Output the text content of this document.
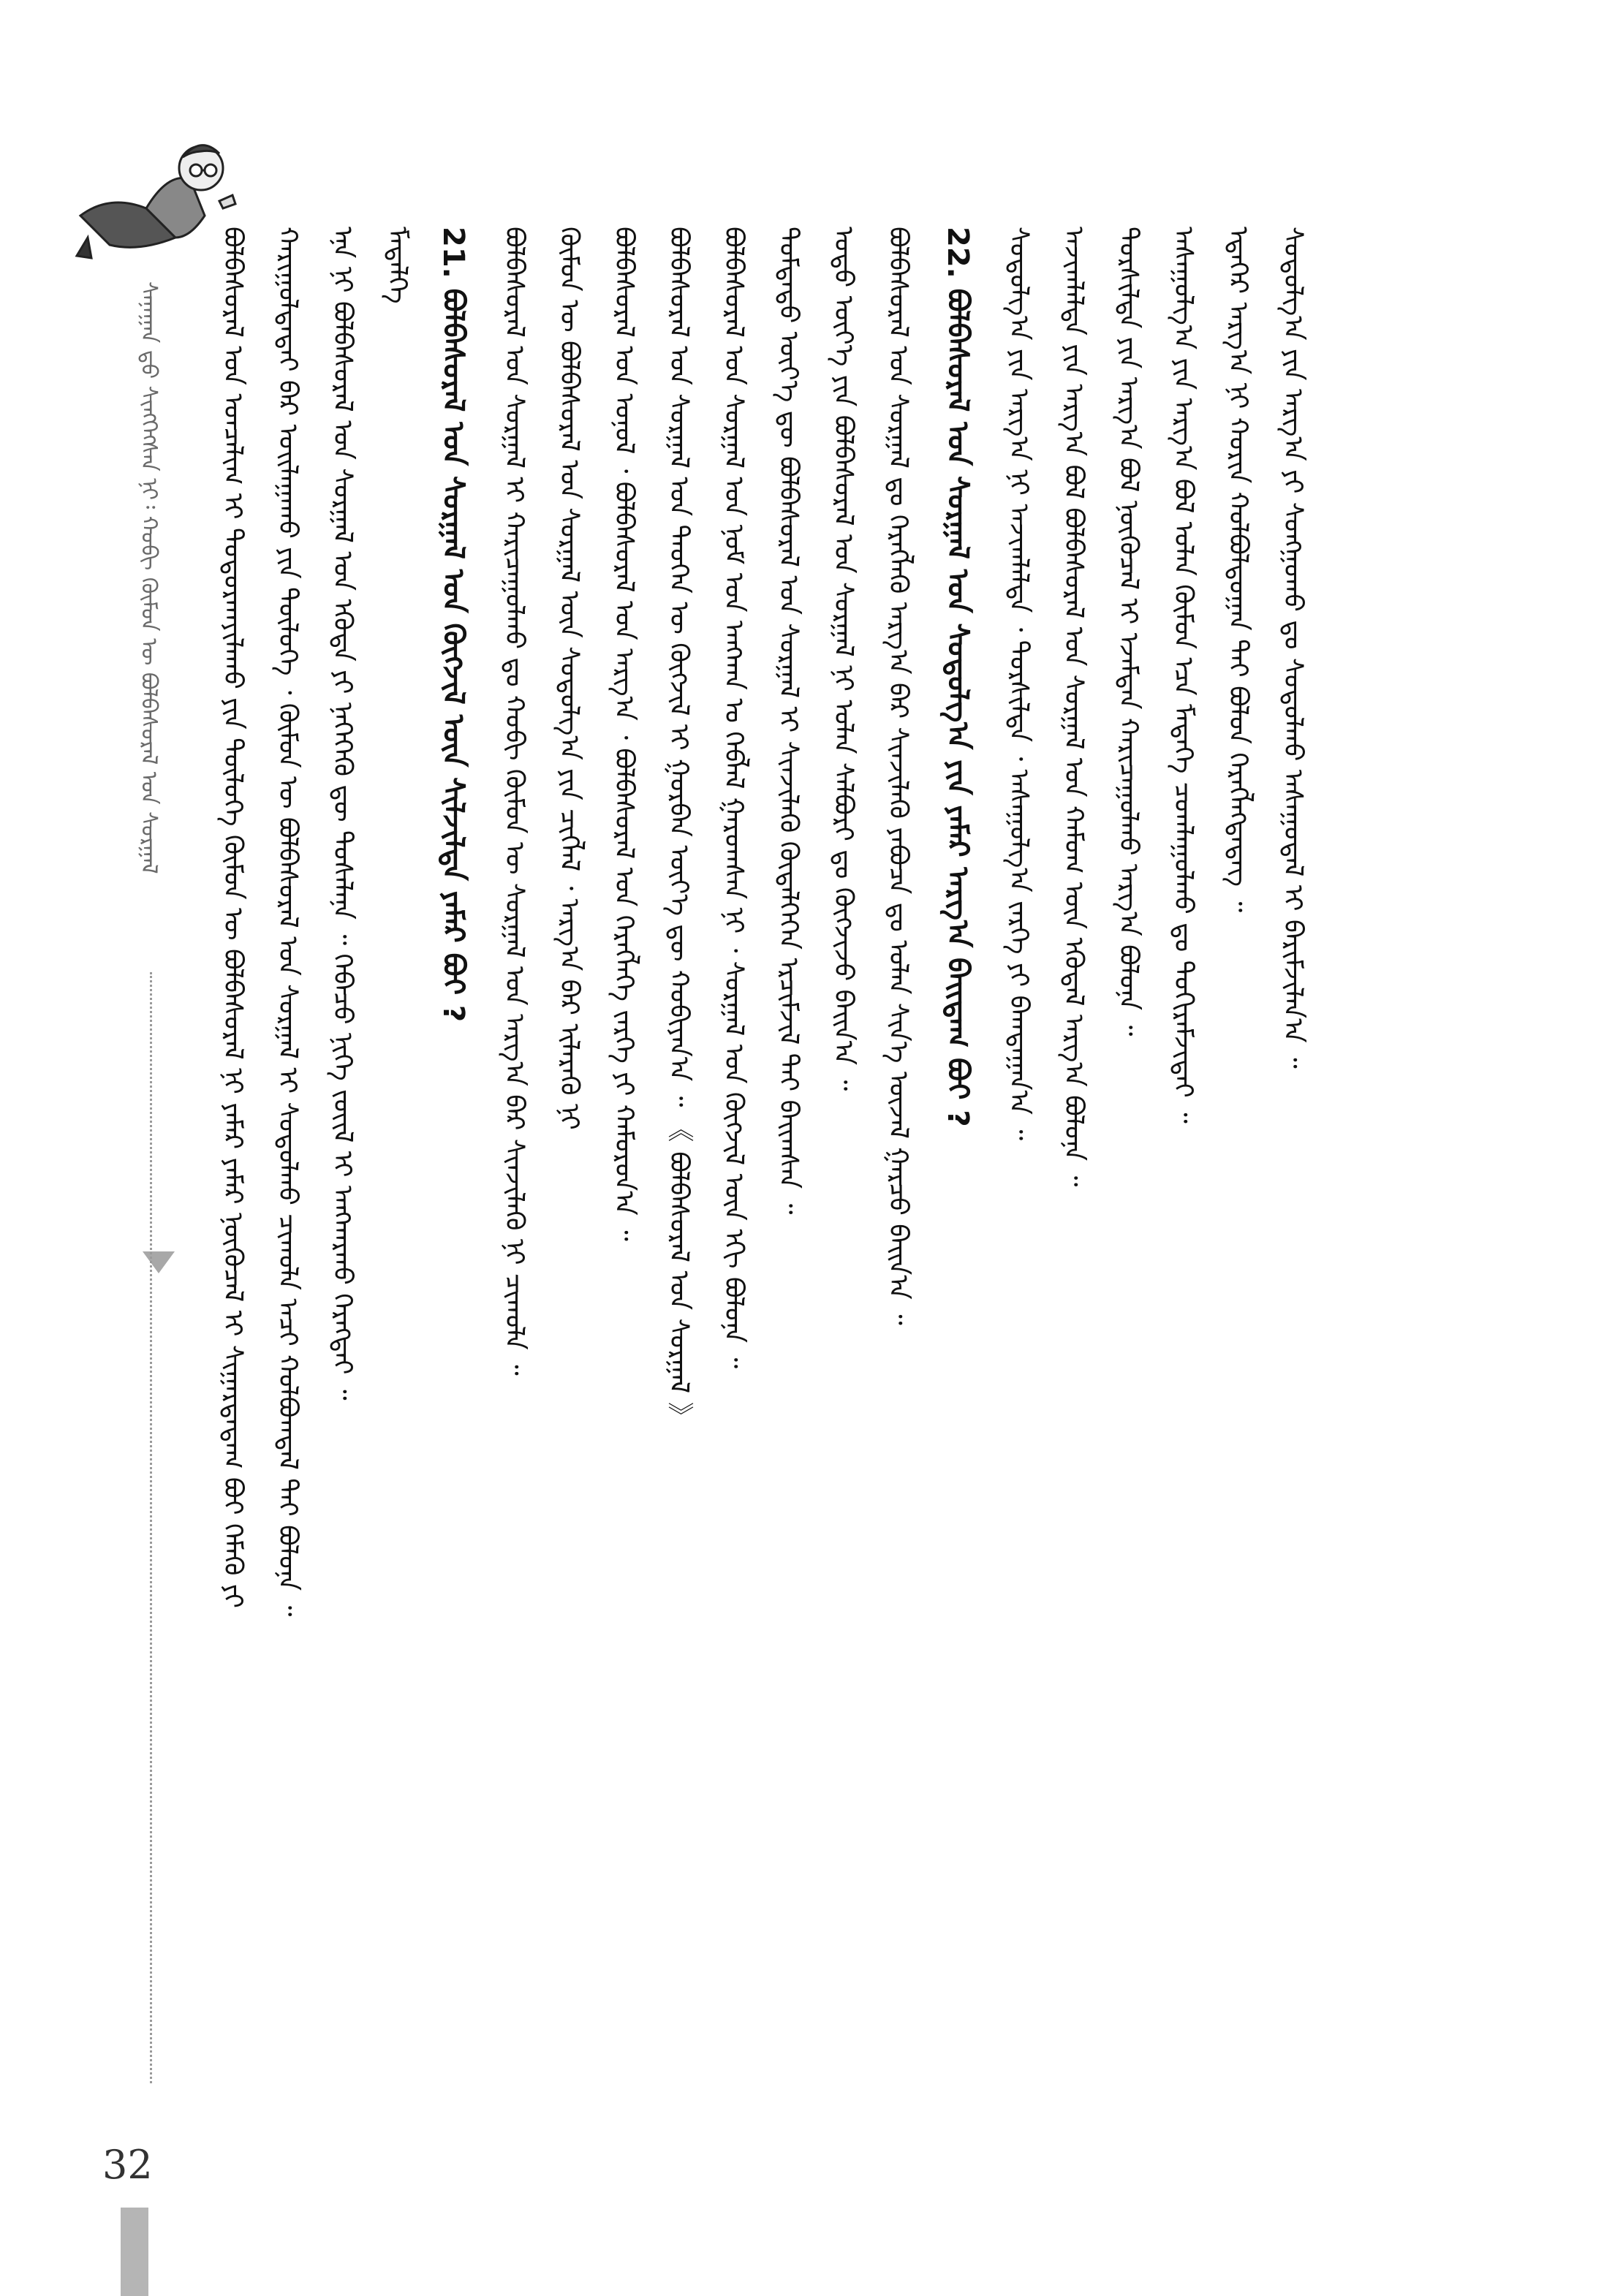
ᠰᠠᠨᠠᠭᠠᠨ ᠳ᠋ᠤ ᠰᠢᠩᠭᠡᠭᠰᠡᠨ ᠨᠢ᠄ ᠬᠤᠪᠢ ᠬᠥᠮᠦᠨ ᠦ ᠪᠣᠯᠪᠠᠰᠤᠷᠠᠯ ᠤᠨ ᠰᠤᠷᠭᠠᠯ ᠪᠣᠯᠪᠠᠰᠤᠷᠠᠯ ᠤᠨ ᠣᠨᠴᠠᠯᠢᠭ ᠢ ᠲᠣᠳᠣᠷᠬᠠᠶᠢᠯᠠᠬᠤ ᠶᠢᠨ ᠲᠥᠯᠦᠭᠡ ᠬᠦᠮᠦᠨ ᠦ ᠪᠣᠯᠪᠠᠰᠤᠷᠠᠯ ᠨᠢ ᠶᠠᠮᠠᠷ ᠶᠠᠮᠠᠷ ᠨᠥᠬᠦᠴᠡᠯ ᠢ ᠰᠢᠭᠠᠷᠳᠠᠳᠠᠭ ᠪᠣᠢ ᠬᠡᠮᠡᠬᠦ ᠶᠢ ᠬᠠᠷᠢᠭᠤᠯᠲᠠᠲᠠᠢ ᠪᠡᠷ ᠣᠢᠯᠠᠭᠠᠬᠤ ᠶᠢᠨ ᠲᠥᠯᠦᠭᠡ ᠂ ᠬᠦᠮᠦᠨ ᠦ ᠪᠣᠯᠪᠠᠰᠤᠷᠠᠯ ᠤᠨ ᠰᠤᠷᠭᠠᠯ ᠢ ᠰᠤᠳᠤᠯᠬᠤ ᠴᠢᠬᠤᠯᠠ ᠠᠴᠢ ᠬᠣᠯᠪᠣᠭᠳᠠᠯ ᠲᠠᠢ ᠪᠣᠯᠤᠨᠠ ᠃ ᠡᠨᠡ ᠨᠢ ᠪᠣᠯᠪᠠᠰᠤᠷᠠᠯ ᠤᠨ ᠰᠤᠷᠭᠠᠯ ᠤᠨ ᠡᠭᠦᠳᠡ ᠶᠢ ᠨᠡᠭᠡᠭᠡᠬᠦ ᠳᠦ ᠲᠤᠰᠠᠯᠠᠨᠠ ᠃ ᠭᠡᠪᠡᠴᠦ ᠨᠢᠭᠡ ᠵᠦᠢᠯ ᠢ ᠠᠩᠬᠠᠷᠬᠤ ᠬᠡᠷᠡᠭᠲᠡᠢ ᠃ ᠮᠡᠳᠡᠯᠭᠡ 21. ᠪᠣᠯᠪᠠᠰᠤᠷᠠᠯ ᠤᠨ ᠰᠤᠷᠭᠠᠯ ᠤᠨ ᠬᠥᠭᠵᠢᠯ ᠦᠨ ᠰᠢᠯᠵᠢᠯᠲᠡ ᠶᠠᠮᠠᠷ ᠪᠣᠢ ? ᠪᠣᠯᠪᠠᠰᠤᠷᠠᠯ ᠤᠨ ᠰᠤᠷᠭᠠᠯ ᠢ ᠬᠠᠷᠢᠴᠠᠭᠤᠯᠬᠤ ᠳᠤ ᠬᠤᠪᠢ ᠬᠦᠮᠦᠨ ᠦ ᠰᠤᠷᠭᠠᠯ ᠤᠨ ᠠᠷᠭ᠎ᠠ ᠪᠠᠷ ᠰᠢᠨᠵᠢᠯᠡᠬᠦ ᠨᠢ ᠴᠢᠬᠤᠯᠠ ᠃ ᠬᠦᠮᠦᠨ ᠦ ᠪᠣᠯᠪᠠᠰᠤᠷᠠᠯ ᠤᠨ ᠰᠤᠷᠭᠠᠯ ᠦᠨ ᠰᠤᠳᠤᠯᠭ᠎ᠠ ᠶᠢᠨ ᠴᠢᠭᠯᠡᠯ ᠂ ᠠᠷᠭ᠎ᠠ ᠪᠠᠷ ᠢᠯᠡᠷᠡᠬᠦ ᠨᠢ ᠪᠣᠯᠪᠠᠰᠤᠷᠠᠯ ᠤᠨ ᠣᠨᠣᠯ ᠂ ᠪᠣᠯᠪᠠᠰᠤᠷᠠᠯ ᠤᠨ ᠠᠷᠭ᠎ᠠ ᠂ ᠪᠣᠯᠪᠠᠰᠤᠷᠠᠯ ᠤᠨ ᠬᠡᠷᠡᠭᠯᠡᠭᠡ ᠵᠡᠷᠭᠡ ᠶᠢ ᠬᠠᠮᠤᠷᠤᠨ᠎ᠠ ᠃ ᠪᠣᠯᠪᠠᠰᠤᠷᠠᠯ ᠤᠨ ᠰᠤᠷᠭᠠᠯ ᠤᠨ ᠲᠡᠦᠬᠡᠨ ᠦ ᠬᠥᠭᠵᠢᠯ ᠢ ᠭᠤᠷᠪᠠᠨ ᠦᠶ᠎ᠡ ᠳᠦ ᠬᠤᠪᠢᠶᠠᠨ᠎ᠠ ᠃ 《 ᠪᠣᠯᠪᠠᠰᠤᠷᠠᠯ ᠤᠨ ᠰᠤᠷᠭᠠᠯ 》 ᠪᠣᠯᠪᠠᠰᠤᠷᠠᠯ ᠤᠨ ᠰᠤᠷᠭᠠᠯ ᠤᠨ ᠨᠣᠮ ᠤᠨ ᠠᠩᠬᠠᠨ ᠤ ᠬᠡᠪᠯᠡᠯ ᠭᠠᠷᠤᠭᠰᠠᠨ ᠨᠢ ᠂ ᠰᠤᠷᠭᠠᠯ ᠤᠨ ᠬᠥᠭᠵᠢᠯ ᠦᠨ ᠡᠬᠢ ᠪᠣᠯᠤᠨᠠ ᠃ ᠳᠤᠮᠳᠠᠳᠤ ᠦᠶ᠎ᠡ ᠳᠦ ᠪᠣᠯᠪᠠᠰᠤᠷᠠᠯ ᠤᠨ ᠰᠤᠷᠭᠠᠯ ᠢ ᠰᠢᠨᠵᠢᠯᠡᠬᠦ ᠬᠥᠳᠡᠯᠭᠡᠭᠡᠨ ᠡᠷᠴᠢᠮᠵᠢᠯ ᠲᠡᠢ ᠪᠠᠢᠭᠰᠠᠨ ᠃ ᠣᠳᠣ ᠦᠶ᠎ᠡ ᠶᠢᠨ ᠪᠣᠯᠪᠠᠰᠤᠷᠠᠯ ᠤᠨ ᠰᠤᠷᠭᠠᠯ ᠨᠢ ᠣᠯᠠᠨ ᠰᠠᠯᠪᠤᠷᠢ ᠳᠤ ᠬᠥᠭᠵᠢᠵᠦ ᠪᠠᠢᠨ᠎ᠠ ᠃ ᠪᠣᠯᠪᠠᠰᠤᠷᠠᠯ ᠤᠨ ᠰᠤᠷᠭᠠᠯ ᠳᠤ ᠬᠡᠷᠡᠭᠯᠡᠬᠦ ᠠᠷᠭ᠎ᠠ ᠪᠠᠷ ᠰᠢᠨᠵᠢᠯᠡᠬᠦ ᠶᠠᠪᠤᠴᠠ ᠳᠤ ᠣᠯᠠᠨ ᠰᠢᠨ᠎ᠡ ᠦᠵᠡᠯ ᠭᠠᠷᠴᠤ ᠪᠠᠢᠨ᠎ᠠ ᠃ 22. ᠪᠣᠯᠪᠠᠰᠤᠷᠠᠯ ᠤᠨ ᠰᠤᠷᠭᠠᠯ ᠤᠨ ᠰᠤᠳᠤᠯᠭ᠎ᠠ ᠶᠢᠨ ᠶᠠᠮᠠᠷ ᠠᠷᠭ᠎ᠠ ᠪᠠᠢᠳᠠᠭ ᠪᠣᠢ ? ᠰᠤᠳᠤᠯᠭ᠎ᠠ ᠶᠢᠨ ᠠᠷᠭ᠎ᠠ ᠨᠢ ᠠᠵᠢᠭᠯᠠᠯᠲᠠ ᠂ ᠲᠤᠷᠰᠢᠯᠲᠠ ᠂ ᠠᠰᠠᠭᠤᠯᠭ᠎ᠠ ᠵᠡᠷᠭᠡ ᠶᠢ ᠪᠠᠭᠲᠠᠭᠠᠨ᠎ᠠ ᠃ ᠠᠵᠢᠭᠯᠠᠯᠲᠠ ᠶᠢᠨ ᠠᠷᠭ᠎ᠠ ᠪᠣᠯ ᠪᠣᠯᠪᠠᠰᠤᠷᠠᠯ ᠤᠨ ᠰᠤᠷᠭᠠᠯ ᠤᠨ ᠬᠠᠮᠤᠭ ᠦᠨ ᠡᠭᠦᠳᠡᠯ ᠠᠷᠭ᠎ᠠ ᠪᠣᠯᠤᠨᠠ ᠃ ᠲᠤᠷᠰᠢᠯᠲᠠ ᠶᠢᠨ ᠠᠷᠭ᠎ᠠ ᠪᠣᠯ ᠨᠥᠬᠦᠴᠡᠯ ᠢ ᠡᠵᠡᠮᠳᠡᠨ ᠬᠠᠷᠢᠴᠠᠭᠤᠯᠬᠤ ᠠᠷᠭ᠎ᠠ ᠪᠣᠯᠤᠨᠠ ᠃ ᠠᠰᠠᠭᠤᠯᠭ᠎ᠠ ᠶᠢᠨ ᠠᠷᠭ᠎ᠠ ᠪᠣᠯ ᠣᠯᠠᠨ ᠬᠦᠮᠦᠨ ᠡᠴᠡ ᠮᠡᠳᠡᠭᠡ ᠴᠤᠭᠯᠠᠭᠤᠯᠬᠤ ᠳᠤ ᠲᠤᠬᠢᠷᠠᠮᠵᠢᠲᠠᠢ ᠃ ᠡᠳᠡᠭᠡᠷ ᠠᠷᠭ᠎ᠠ ᠨᠢ ᠬᠣᠷᠢᠨ ᠬᠣᠯᠪᠣᠯᠳᠤᠭᠠᠨ ᠲᠠᠢ ᠪᠣᠯᠤᠨ ᠬᠡᠷᠡᠭᠯᠡᠭᠳᠡᠳᠡᠭ ᠃ ᠰᠤᠳᠤᠯᠭ᠎ᠠ ᠶᠢᠨ ᠠᠷᠭ᠎ᠠ ᠶᠢ ᠰᠣᠩᠭᠣᠬᠤ ᠳᠤ ᠰᠤᠳᠤᠯᠬᠤ ᠠᠰᠠᠭᠤᠳᠠᠯ ᠢ ᠪᠠᠷᠢᠮᠵᠢᠯᠠᠨ᠎ᠠ ᠃
32
